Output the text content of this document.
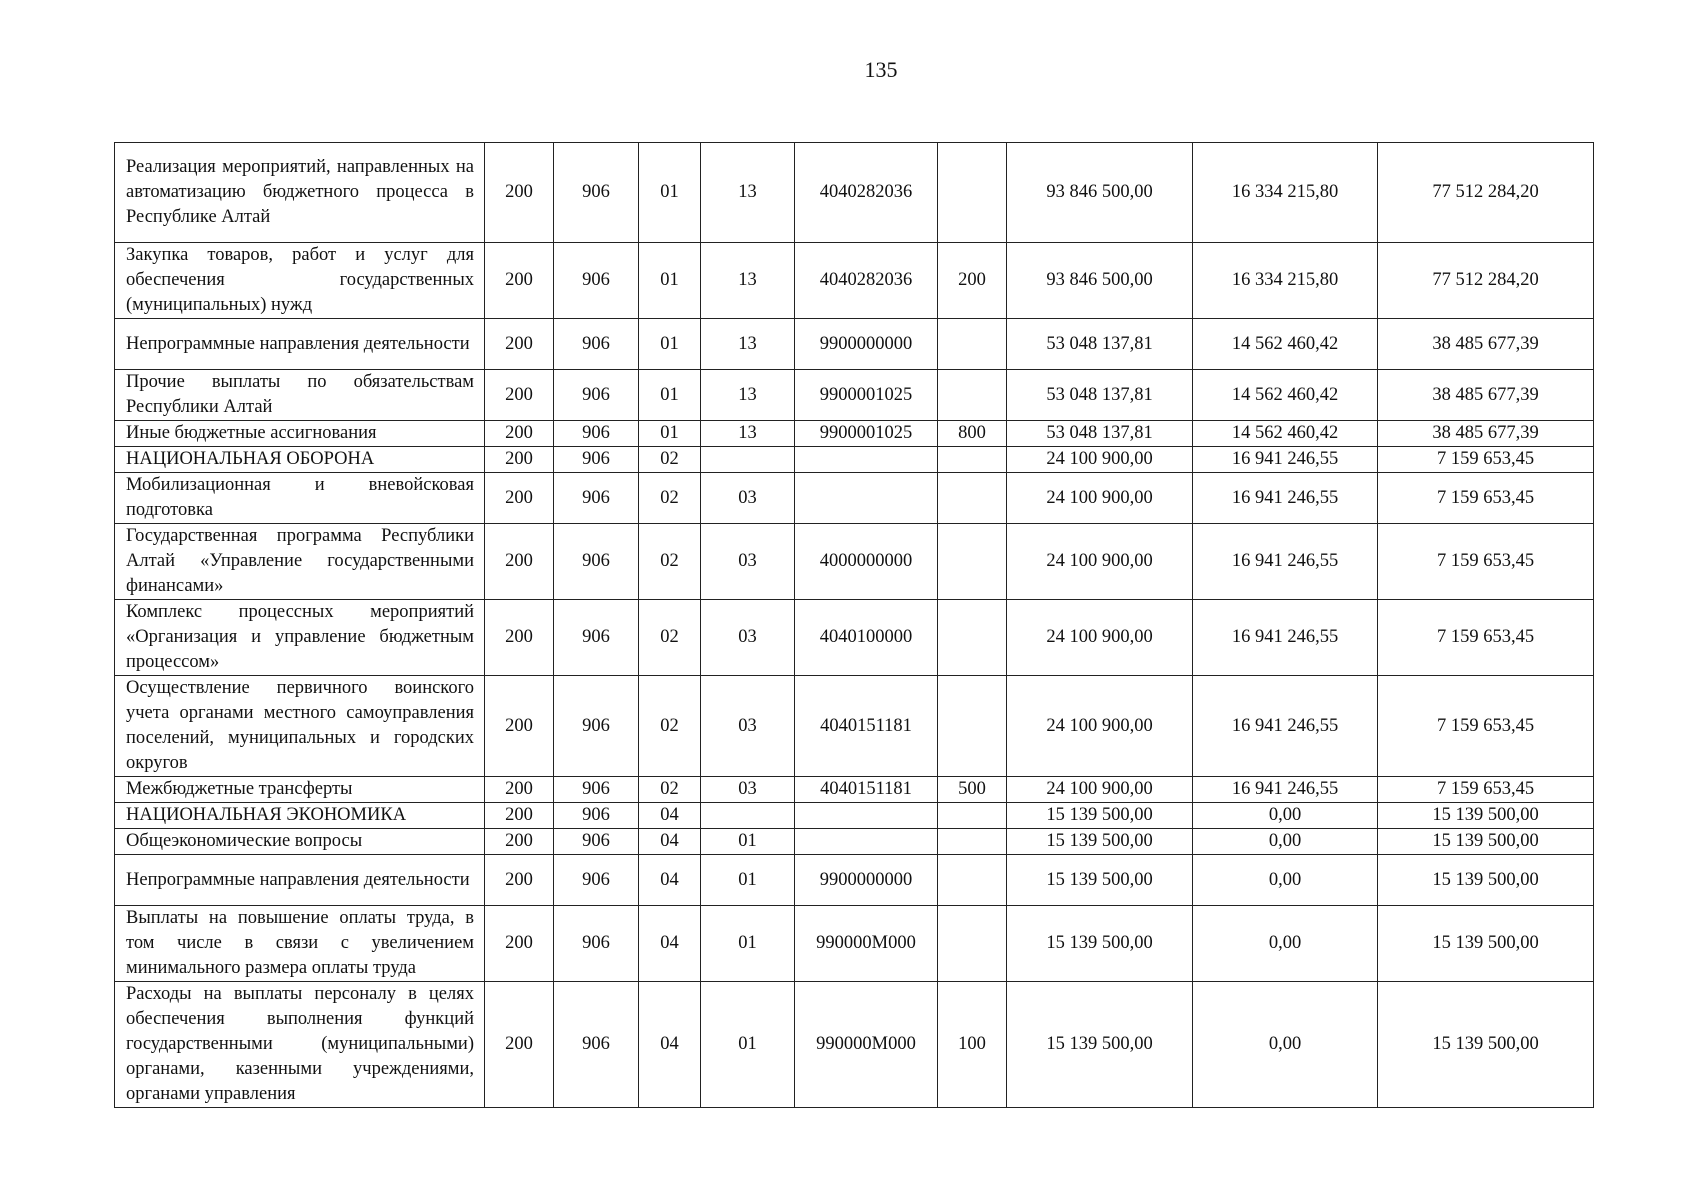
135
Реализация мероприятий, направленных на автоматизацию бюджетного процесса в Республике Алтай	200	906	01	13	4040282036		93 846 500,00	16 334 215,80	77 512 284,20
Закупка товаров, работ и услуг для обеспечения государственных (муниципальных) нужд	200	906	01	13	4040282036	200	93 846 500,00	16 334 215,80	77 512 284,20
Непрограммные направления деятельности	200	906	01	13	9900000000		53 048 137,81	14 562 460,42	38 485 677,39
Прочие выплаты по обязательствам Республики Алтай	200	906	01	13	9900001025		53 048 137,81	14 562 460,42	38 485 677,39
Иные бюджетные ассигнования	200	906	01	13	9900001025	800	53 048 137,81	14 562 460,42	38 485 677,39
НАЦИОНАЛЬНАЯ ОБОРОНА	200	906	02				24 100 900,00	16 941 246,55	7 159 653,45
Мобилизационная и вневойсковая подготовка	200	906	02	03			24 100 900,00	16 941 246,55	7 159 653,45
Государственная программа Республики Алтай «Управление государственными финансами»	200	906	02	03	4000000000		24 100 900,00	16 941 246,55	7 159 653,45
Комплекс процессных мероприятий «Организация и управление бюджетным процессом»	200	906	02	03	4040100000		24 100 900,00	16 941 246,55	7 159 653,45
Осуществление первичного воинского учета органами местного самоуправления поселений, муниципальных и городских округов	200	906	02	03	4040151181		24 100 900,00	16 941 246,55	7 159 653,45
Межбюджетные трансферты	200	906	02	03	4040151181	500	24 100 900,00	16 941 246,55	7 159 653,45
НАЦИОНАЛЬНАЯ ЭКОНОМИКА	200	906	04				15 139 500,00	0,00	15 139 500,00
Общеэкономические вопросы	200	906	04	01			15 139 500,00	0,00	15 139 500,00
Непрограммные направления деятельности	200	906	04	01	9900000000		15 139 500,00	0,00	15 139 500,00
Выплаты на повышение оплаты труда, в том числе в связи с увеличением минимального размера оплаты труда	200	906	04	01	990000M000		15 139 500,00	0,00	15 139 500,00
Расходы на выплаты персоналу в целях обеспечения выполнения функций государственными (муниципальными) органами, казенными учреждениями, органами управления	200	906	04	01	990000M000	100	15 139 500,00	0,00	15 139 500,00
